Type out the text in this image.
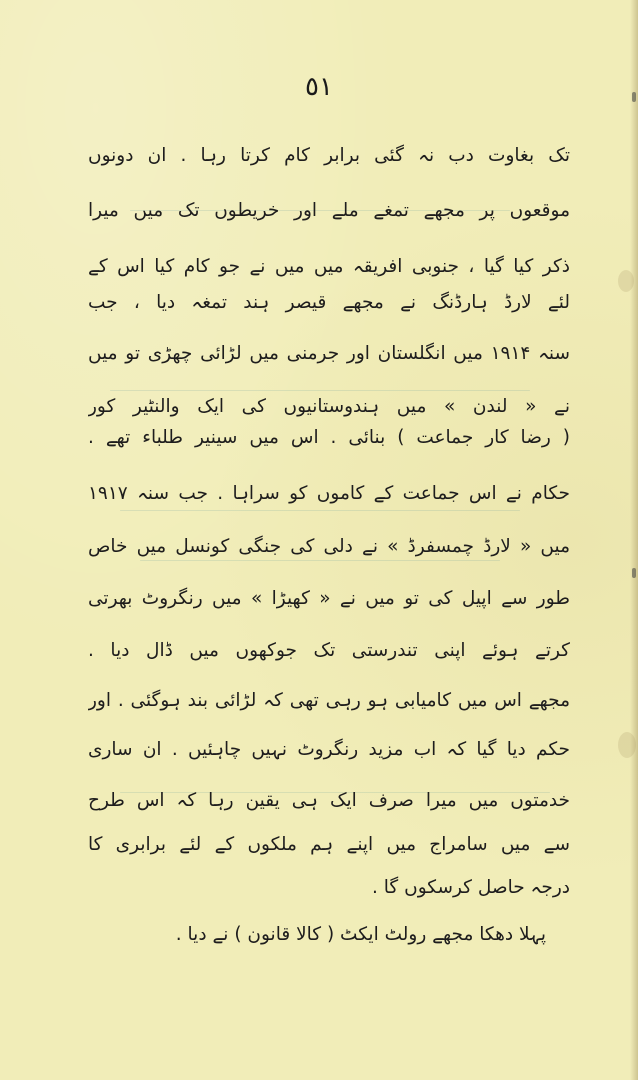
٥١
تک بغاوت دب نہ گئی برابر کام کرتا رہا . ان دونوں
موقعوں پر مجھے تمغے ملے اور خریطوں تک میں میرا
ذکر کیا گیا ، جنوبی افریقہ میں میں نے جو کام کیا اس کے
لئے لارڈ ہارڈنگ نے مجھے قیصر ہند تمغہ دیا ، جب
سنہ ۱۹۱۴ میں انگلستان اور جرمنی میں لڑائی چھڑی تو میں
نے « لندن » میں ہندوستانیوں کی ایک والنٹیر کور
( رضا کار جماعت ) بنائی . اس میں سینیر طلباء تھے .
حکام نے اس جماعت کے کاموں کو سراہا . جب سنہ ۱۹۱۷
میں « لارڈ چمسفرڈ » نے دلی کی جنگی کونسل میں خاص
طور سے اپیل کی تو میں نے « کھیڑا » میں رنگروٹ بھرتی
کرتے ہوئے اپنی تندرستی تک جوکھوں میں ڈال دیا .
مجھے اس میں کامیابی ہو رہی تھی کہ لڑائی بند ہوگئی . اور
حکم دیا گیا کہ اب مزید رنگروٹ نہیں چاہئیں . ان ساری
خدمتوں میں میرا صرف ایک ہی یقین رہا کہ اس طرح
سے میں سامراج میں اپنے ہم ملکوں کے لئے برابری کا
درجہ حاصل کرسکوں گا .
پہلا دھکا مجھے رولٹ ایکٹ ( کالا قانون ) نے دیا .
